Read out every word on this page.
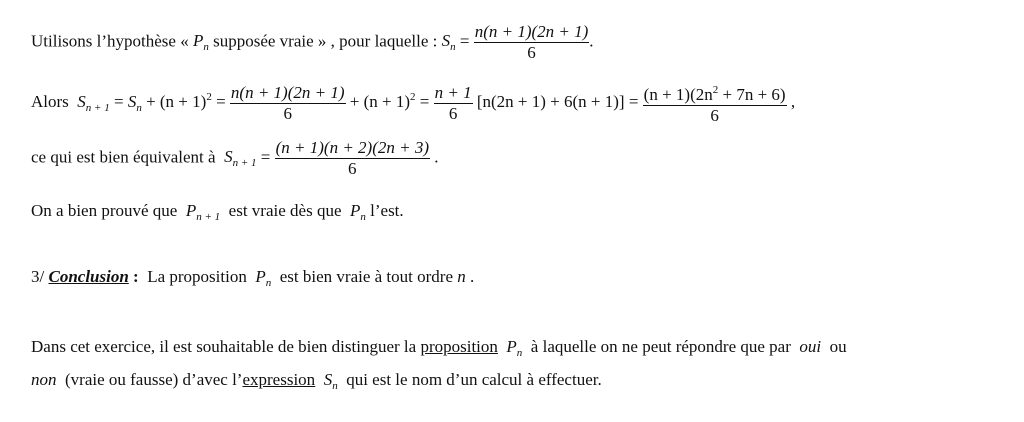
Utilisons l’hypothèse « $P_n$ supposée vraie » , pour laquelle : $S_n = \frac{n(n + 1)(2n + 1)}{6}$ .
Alors $S_{n + 1} = S_n + (n + 1)^2 = \frac{n(n + 1)(2n + 1)}{6} + (n + 1)^2 = \frac{n + 1}{6} [n(2n + 1) + 6(n + 1)] = \frac{(n + 1)(2n^2 + 7n + 6)}{6}$ ,
ce qui est bien équivalent à $S_{n + 1} = \frac{(n + 1)(n + 2)(2n + 3)}{6}$ .
On a bien prouvé que $P_{n + 1}$ est vraie dès que $P_n$ l’est.
3/ Conclusion : La proposition $P_n$ est bien vraie à tout ordre n .
Dans cet exercice, il est souhaitable de bien distinguer la proposition $P_n$ à laquelle on ne peut répondre que par oui ou
non (vraie ou fausse) d’avec l’expression $S_n$ qui est le nom d’un calcul à effectuer.
